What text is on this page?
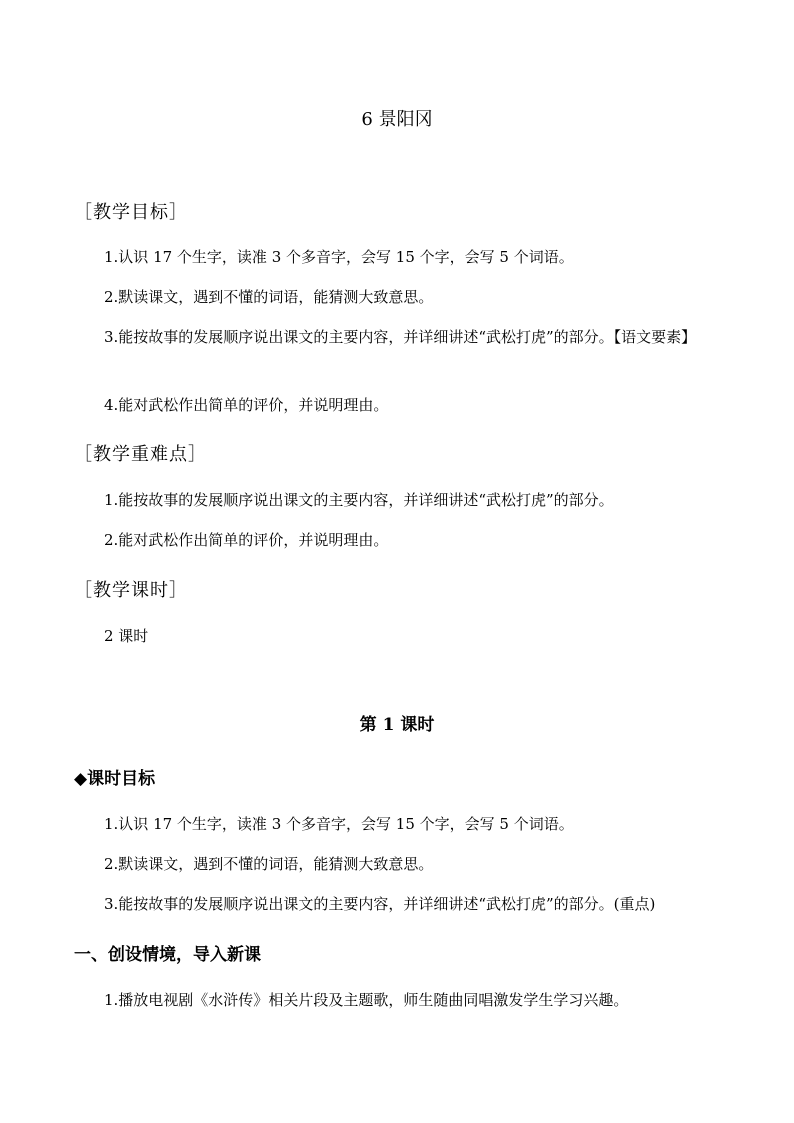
6 景阳冈
［教学目标］
1.认识 17 个生字，读准 3 个多音字，会写 15 个字，会写 5 个词语。
2.默读课文，遇到不懂的词语，能猜测大致意思。
3.能按故事的发展顺序说出课文的主要内容，并详细讲述“武松打虎”的部分。【语文要素】
4.能对武松作出简单的评价，并说明理由。
［教学重难点］
1.能按故事的发展顺序说出课文的主要内容，并详细讲述“武松打虎”的部分。
2.能对武松作出简单的评价，并说明理由。
［教学课时］
2 课时
第 1 课时
◆课时目标
1.认识 17 个生字，读准 3 个多音字，会写 15 个字，会写 5 个词语。
2.默读课文，遇到不懂的词语，能猜测大致意思。
3.能按故事的发展顺序说出课文的主要内容，并详细讲述“武松打虎”的部分。(重点)
一、创设情境，导入新课
1.播放电视剧《水浒传》相关片段及主题歌，师生随曲同唱激发学生学习兴趣。
